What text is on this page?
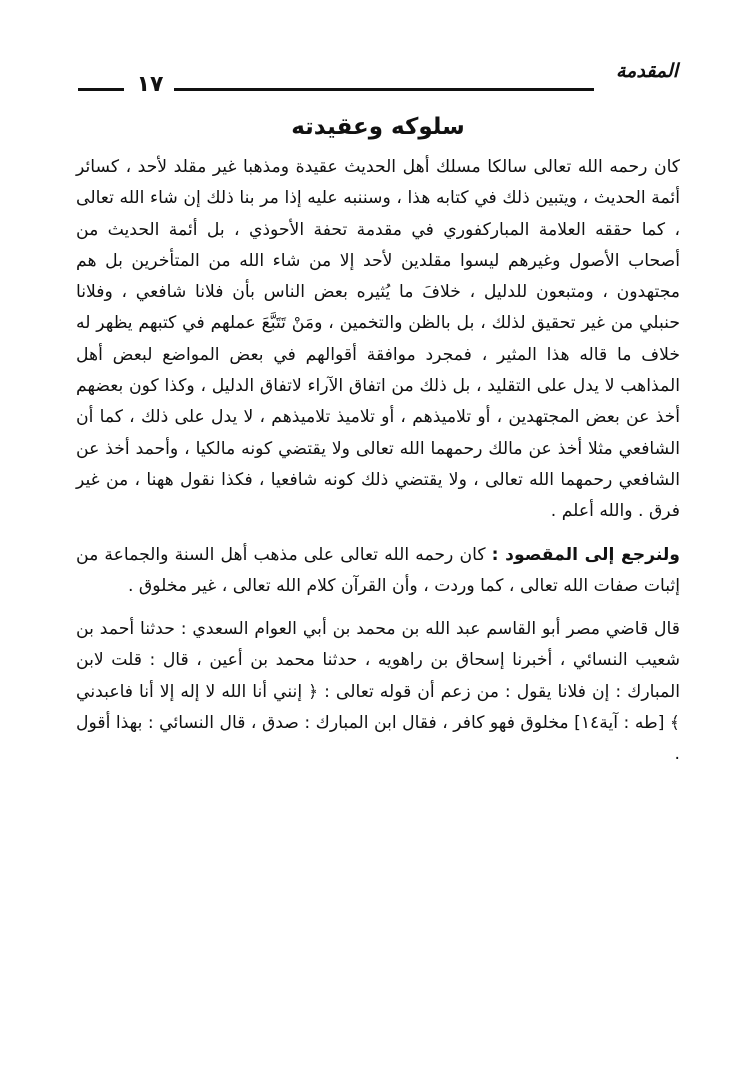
المقدمة
١٧
سلوكه وعقيدته

كان رحمه الله تعالى سالكا مسلك أهل الحديث عقيدة ومذهبا غير مقلد لأحد ، كسائر أئمة الحديث ، ويتبين ذلك في كتابه هذا ، وسننبه عليه إذا مر بنا ذلك إن شاء الله تعالى ، كما حققه العلامة المباركفوري في مقدمة تحفة الأحوذي ، بل أئمة الحديث من أصحاب الأصول وغيرهم ليسوا مقلدين لأحد إلا من شاء الله من المتأخرين بل هم مجتهدون ، ومتبعون للدليل ، خلافَ ما يُثيره بعض الناس بأن فلانا شافعي ، وفلانا حنبلي من غير تحقيق لذلك ، بل بالظن والتخمين ، ومَنْ تَتَبَّعَ عملهم في كتبهم يظهر له خلاف ما قاله هذا المثير ، فمجرد موافقة أقوالهم في بعض المواضع لبعض أهل المذاهب لا يدل على التقليد ، بل ذلك من اتفاق الآراء لاتفاق الدليل ، وكذا كون بعضهم أخذ عن بعض المجتهدين ، أو تلاميذهم ، أو تلاميذ تلاميذهم ، لا يدل على ذلك ، كما أن الشافعي مثلا أخذ عن مالك رحمهما الله تعالى ولا يقتضي كونه مالكيا ، وأحمد أخذ عن الشافعي رحمهما الله تعالى ، ولا يقتضي ذلك كونه شافعيا ، فكذا نقول ههنا ، من غير فرق . والله أعلم .

ولنرجع إلى المقصود : كان رحمه الله تعالى على مذهب أهل السنة والجماعة من إثبات صفات الله تعالى ، كما وردت ، وأن القرآن كلام الله تعالى ، غير مخلوق .

قال قاضي مصر أبو القاسم عبد الله بن محمد بن أبي العوام السعدي : حدثنا أحمد بن شعيب النسائي ، أخبرنا إسحاق بن راهويه ، حدثنا محمد بن أعين ، قال : قلت لابن المبارك : إن فلانا يقول : من زعم أن قوله تعالى : ﴿ إنني أنا الله لا إله إلا أنا فاعبدني ﴾ [طه : آية١٤] مخلوق فهو كافر ، فقال ابن المبارك : صدق ، قال النسائي : بهذا أقول .
